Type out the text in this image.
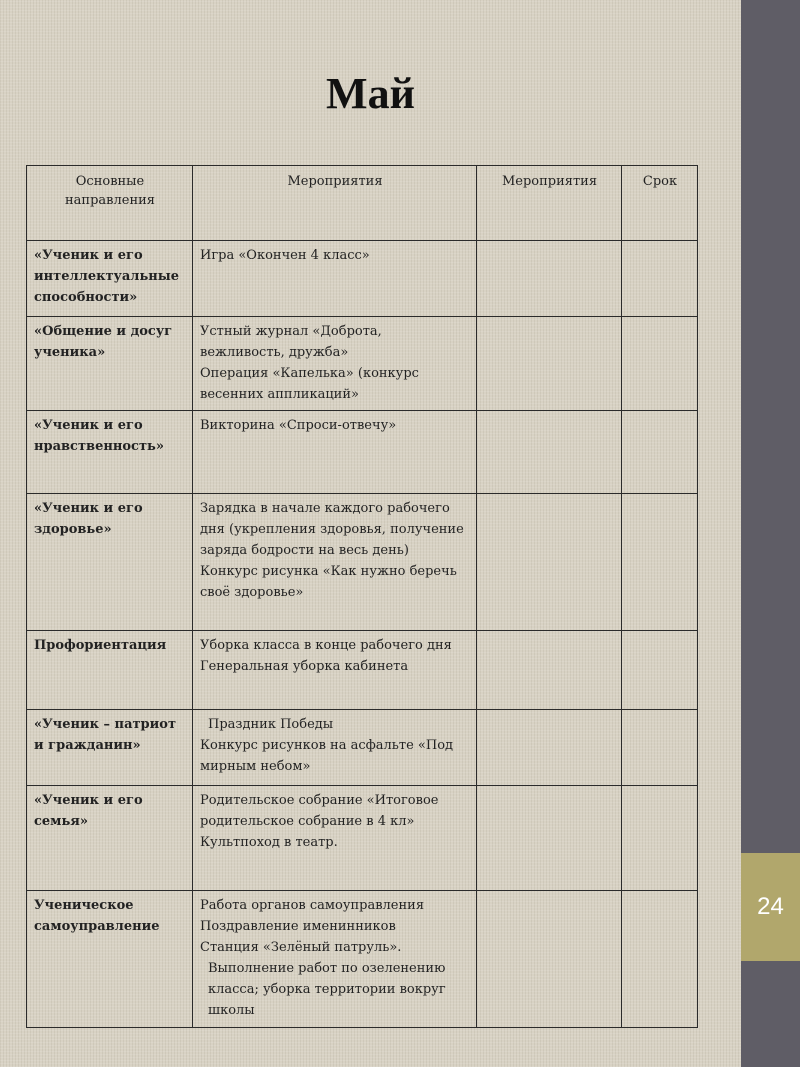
24
Май
Основные направления	Мероприятия	Мероприятия	Срок
«Ученик и его интеллектуальные способности»	Игра «Окончен 4 класс»		

«Общение и досуг ученика»	Устный журнал «Доброта, вежливость, дружба»
Операция «Капелька» (конкурс весенних аппликаций»		

«Ученик и его нравственность»	Викторина «Спроси-отвечу»		

«Ученик и его здоровье»	Зарядка в начале каждого рабочего дня (укрепления здоровья, получение заряда бодрости на весь день)
Конкурс рисунка «Как нужно беречь своё здоровье»		

Профориентация	Уборка класса в конце рабочего дня
Генеральная уборка кабинета		

«Ученик – патриот и гражданин»	Праздник Победы
Конкурс рисунков на асфальте «Под мирным небом»		

«Ученик и его семья»	Родительское собрание «Итоговое родительское собрание в 4 кл»
Культпоход в театр.		

Ученическое самоуправление	Работа органов самоуправления
Поздравление именинников
Станция «Зелёный патруль».
Выполнение работ по озеленению класса; уборка территории вокруг школы		
